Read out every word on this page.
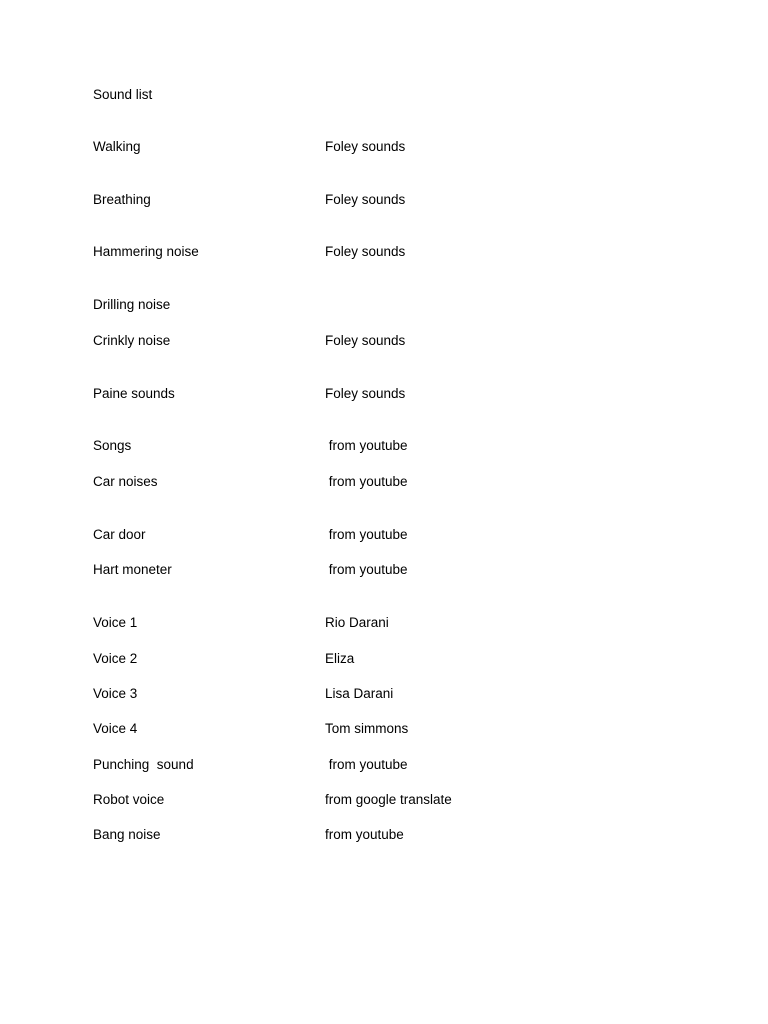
Sound list
Walking	Foley sounds
Breathing	Foley sounds
Hammering noise	Foley sounds
Drilling noise
Crinkly noise	Foley sounds
Paine sounds	Foley sounds
Songs	from youtube
Car noises	from youtube
Car door	from youtube
Hart moneter	from youtube
Voice 1	Rio Darani
Voice 2	Eliza
Voice 3	Lisa Darani
Voice 4	Tom simmons
Punching  sound	from youtube
Robot voice	from google translate
Bang noise	from youtube
